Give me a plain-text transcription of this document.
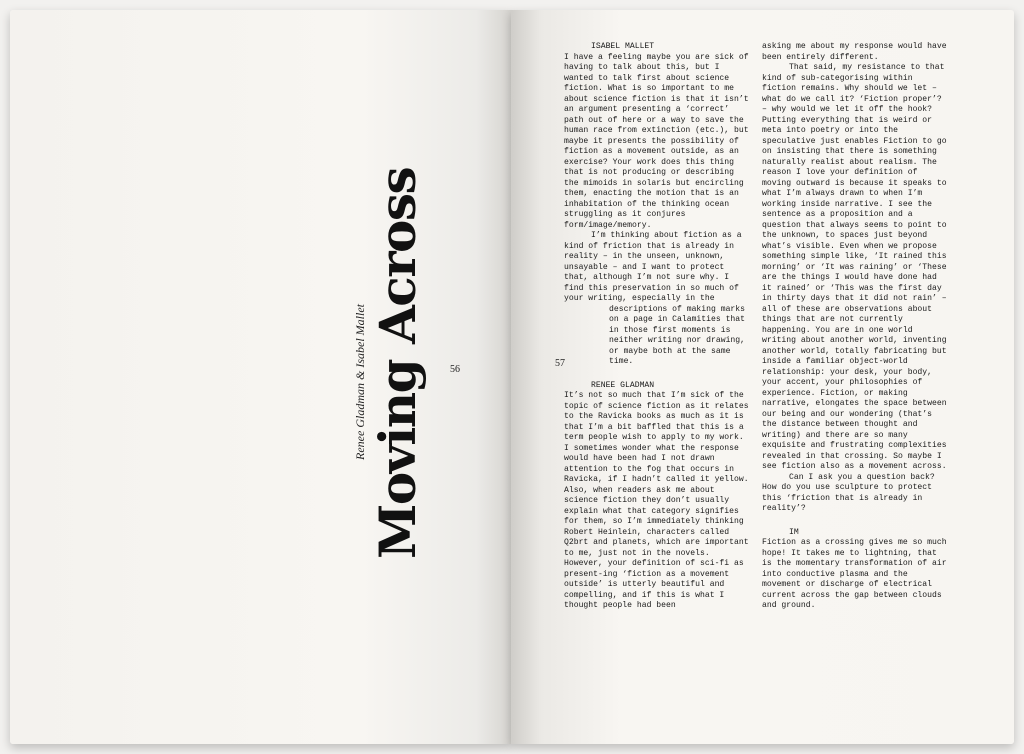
Moving Across
Renee Gladman & Isabel Mallet	56
57
ISABEL MALLET

I have a feeling maybe you are sick of having to talk about this, but I wanted to talk first about science fiction. What is so important to me about science fiction is that it isn’t an argument presenting a ‘correct’ path out of here or a way to save the human race from extinction (etc.), but maybe it presents the possibility of fiction as a movement outside, as an exercise? Your work does this thing that is not producing or describing the mimoids in solaris but encircling them, enacting the motion that is an inhabitation of the thinking ocean struggling as it conjures form/image/memory.

I’m thinking about fiction as a kind of friction that is already in reality – in the unseen, unknown, unsayable – and I want to protect that, although I’m not sure why. I find this preservation in so much of your writing, especially in the

descriptions of making marks on a page in Calamities that in those first moments is neither writing nor drawing, or maybe both at the same time.
RENEE GLADMAN

It’s not so much that I’m sick of the topic of science fiction as it relates to the Ravicka books as much as it is that I’m a bit baffled that this is a term people wish to apply to my work. I sometimes wonder what the response would have been had I not drawn attention to the fog that occurs in Ravicka, if I hadn’t called it yellow. Also, when readers ask me about science fiction they don’t usually explain what that category signifies for them, so I’m immediately thinking Robert Heinlein, characters called Q2brt and planets, which are important to me, just not in the novels. However, your definition of sci-fi as present-ing ‘fiction as a movement outside’ is utterly beautiful and compelling, and if this is what I thought people had been

asking me about my response would have been entirely different.

That said, my resistance to that kind of sub-categorising within fiction remains. Why should we let – what do we call it? ‘Fiction proper’? – why would we let it off the hook? Putting everything that is weird or meta into poetry or into the speculative just enables Fiction to go on insisting that there is something naturally realist about realism. The reason I love your definition of moving outward is because it speaks to what I’m always drawn to when I’m working inside narrative. I see the sentence as a proposition and a question that always seems to point to the unknown, to spaces just beyond what’s visible. Even when we propose something simple like, ‘It rained this morning’ or ‘It was raining’ or ‘These are the things I would have done had it rained’ or ‘This was the first day in thirty days that it did not rain’ – all of these are observations about things that are not currently happening. You are in one world writing about another world, inventing another world, totally fabricating but inside a familiar object-world relationship: your desk, your body, your accent, your philosophies of experience. Fiction, or making narrative, elongates the space between our being and our wondering (that’s the distance between thought and writing) and there are so many exquisite and frustrating complexities revealed in that crossing. So maybe I see fiction also as a movement across.

Can I ask you a question back? How do you use sculpture to protect this ‘friction that is already in reality’?

IM

Fiction as a crossing gives me so much hope! It takes me to lightning, that is the momentary transformation of air into conductive plasma and the movement or discharge of electrical current across the gap between clouds and ground.
